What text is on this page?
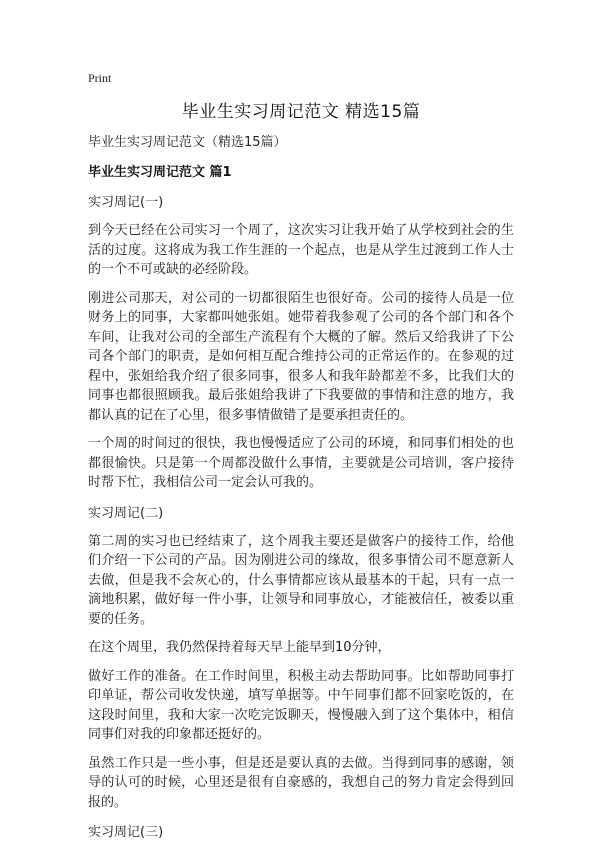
Print
毕业生实习周记范文 精选15篇
毕业生实习周记范文（精选15篇）
毕业生实习周记范文 篇1
实习周记(一)
到今天已经在公司实习一个周了，这次实习让我开始了从学校到社会的生活的过度。这将成为我工作生涯的一个起点，也是从学生过渡到工作人士的一个不可或缺的必经阶段。
刚进公司那天，对公司的一切都很陌生也很好奇。公司的接待人员是一位财务上的同事，大家都叫她张姐。她带着我参观了公司的各个部门和各个车间，让我对公司的全部生产流程有个大概的了解。然后又给我讲了下公司各个部门的职责，是如何相互配合维持公司的正常运作的。在参观的过程中，张姐给我介绍了很多同事，很多人和我年龄都差不多，比我们大的同事也都很照顾我。最后张姐给我讲了下我要做的事情和注意的地方，我都认真的记在了心里，很多事情做错了是要承担责任的。
一个周的时间过的很快，我也慢慢适应了公司的环境，和同事们相处的也都很愉快。只是第一个周都没做什么事情，主要就是公司培训，客户接待时帮下忙，我相信公司一定会认可我的。
实习周记(二)
第二周的实习也已经结束了，这个周我主要还是做客户的接待工作，给他们介绍一下公司的产品。因为刚进公司的缘故，很多事情公司不愿意新人去做，但是我不会灰心的，什么事情都应该从最基本的干起，只有一点一滴地积累，做好每一件小事，让领导和同事放心，才能被信任，被委以重要的任务。
在这个周里，我仍然保持着每天早上能早到10分钟，
做好工作的准备。在工作时间里，积极主动去帮助同事。比如帮助同事打印单证，帮公司收发快递，填写单据等。中午同事们都不回家吃饭的，在这段时间里，我和大家一次吃完饭聊天，慢慢融入到了这个集体中，相信同事们对我的印象都还挺好的。
虽然工作只是一些小事，但是还是要认真的去做。当得到同事的感谢，领导的认可的时候，心里还是很有自豪感的，我想自己的努力肯定会得到回报的。
实习周记(三)
